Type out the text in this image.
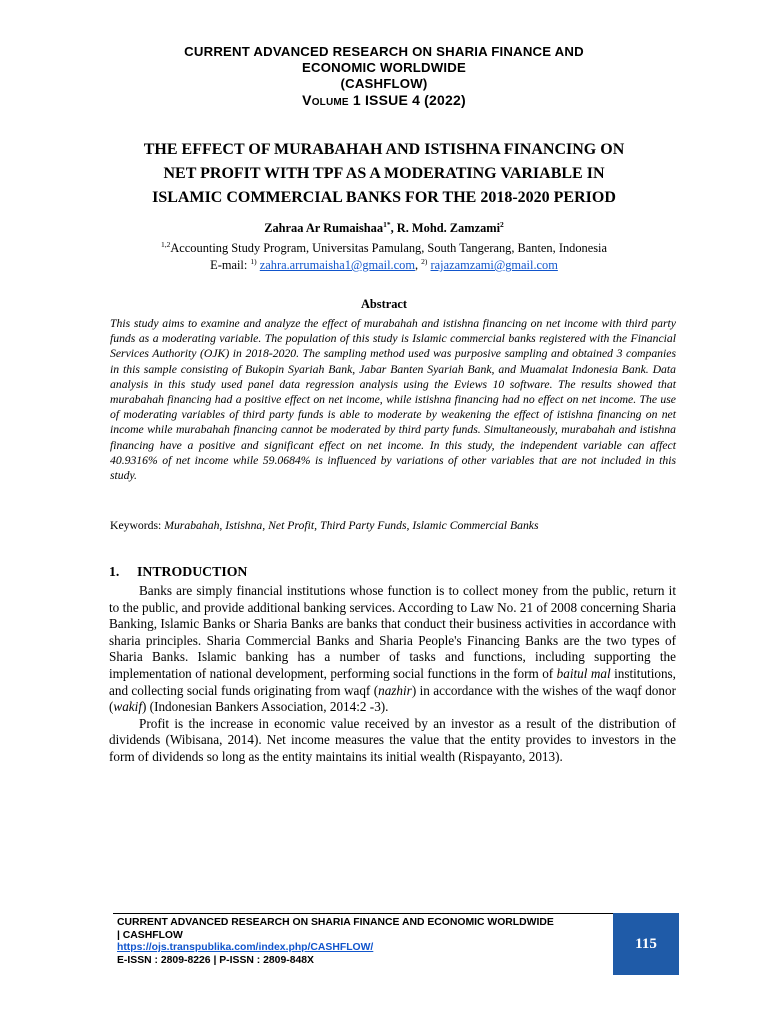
CURRENT ADVANCED RESEARCH ON SHARIA FINANCE AND
ECONOMIC WORLDWIDE
(CASHFLOW)
Volume 1 ISSUE 4 (2022)
THE EFFECT OF MURABAHAH AND ISTISHNA FINANCING ON
NET PROFIT WITH TPF AS A MODERATING VARIABLE IN
ISLAMIC COMMERCIAL BANKS FOR THE 2018-2020 PERIOD
Zahraa Ar Rumaishaa$^{1*}$, R. Mohd. Zamzami$^2$
$^{1,2}$Accounting Study Program, Universitas Pamulang, South Tangerang, Banten, Indonesia
E-mail: $^{1)}$ zahra.arrumaisha1@gmail.com, $^{2)}$ rajazamzami@gmail.com
Abstract
This study aims to examine and analyze the effect of murabahah and istishna financing on net income with third party funds as a moderating variable. The population of this study is Islamic commercial banks registered with the Financial Services Authority (OJK) in 2018-2020. The sampling method used was purposive sampling and obtained 3 companies in this sample consisting of Bukopin Syariah Bank, Jabar Banten Syariah Bank, and Muamalat Indonesia Bank. Data analysis in this study used panel data regression analysis using the Eviews 10 software. The results showed that murabahah financing had a positive effect on net income, while istishna financing had no effect on net income. The use of moderating variables of third party funds is able to moderate by weakening the effect of istishna financing on net income while murabahah financing cannot be moderated by third party funds. Simultaneously, murabahah and istishna financing have a positive and significant effect on net income. In this study, the independent variable can affect 40.9316% of net income while 59.0684% is influenced by variations of other variables that are not included in this study.
Keywords: Murabahah, Istishna, Net Profit, Third Party Funds, Islamic Commercial Banks
1. INTRODUCTION

Banks are simply financial institutions whose function is to collect money from the public, return it to the public, and provide additional banking services. According to Law No. 21 of 2008 concerning Sharia Banking, Islamic Banks or Sharia Banks are banks that conduct their business activities in accordance with sharia principles. Sharia Commercial Banks and Sharia People's Financing Banks are the two types of Sharia Banks. Islamic banking has a number of tasks and functions, including supporting the implementation of national development, performing social functions in the form of baitul mal institutions, and collecting social funds originating from waqf (nazhir) in accordance with the wishes of the waqf donor (wakif) (Indonesian Bankers Association, 2014:2 -3).

Profit is the increase in economic value received by an investor as a result of the distribution of dividends (Wibisana, 2014). Net income measures the value that the entity provides to investors in the form of dividends so long as the entity maintains its initial wealth (Rispayanto, 2013).

CURRENT ADVANCED RESEARCH ON SHARIA FINANCE AND ECONOMIC WORLDWIDE
| CASHFLOW
https://ojs.transpublika.com/index.php/CASHFLOW/
E-ISSN : 2809-8226 | P-ISSN : 2809-848X
115
